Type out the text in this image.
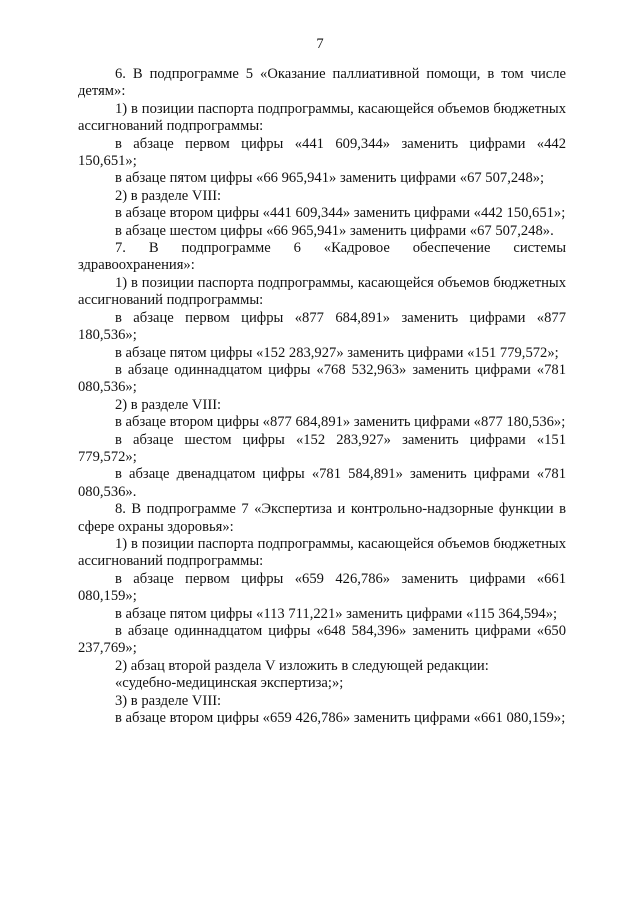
7

6. В подпрограмме 5 «Оказание паллиативной помощи, в том числе детям»:

1) в позиции паспорта подпрограммы, касающейся объемов бюджетных ассигнований подпрограммы:

в абзаце первом цифры «441 609,344» заменить цифрами «442 150,651»;

в абзаце пятом цифры «66 965,941» заменить цифрами «67 507,248»;

2) в разделе VIII:

в абзаце втором цифры «441 609,344» заменить цифрами «442 150,651»;

в абзаце шестом цифры «66 965,941» заменить цифрами «67 507,248».

7. В подпрограмме 6 «Кадровое обеспечение системы здравоохранения»:

1) в позиции паспорта подпрограммы, касающейся объемов бюджетных ассигнований подпрограммы:

в абзаце первом цифры «877 684,891» заменить цифрами «877 180,536»;

в абзаце пятом цифры «152 283,927» заменить цифрами «151 779,572»;

в абзаце одиннадцатом цифры «768 532,963» заменить цифрами «781 080,536»;

2) в разделе VIII:

в абзаце втором цифры «877 684,891» заменить цифрами «877 180,536»;

в абзаце шестом цифры «152 283,927» заменить цифрами «151 779,572»;

в абзаце двенадцатом цифры «781 584,891» заменить цифрами «781 080,536».

8. В подпрограмме 7 «Экспертиза и контрольно-надзорные функции в сфере охраны здоровья»:

1) в позиции паспорта подпрограммы, касающейся объемов бюджетных ассигнований подпрограммы:

в абзаце первом цифры «659 426,786» заменить цифрами «661 080,159»;

в абзаце пятом цифры «113 711,221» заменить цифрами «115 364,594»;

в абзаце одиннадцатом цифры «648 584,396» заменить цифрами «650 237,769»;

2) абзац второй раздела V изложить в следующей редакции:

«судебно-медицинская экспертиза;»;

3) в разделе VIII:

в абзаце втором цифры «659 426,786» заменить цифрами «661 080,159»;
